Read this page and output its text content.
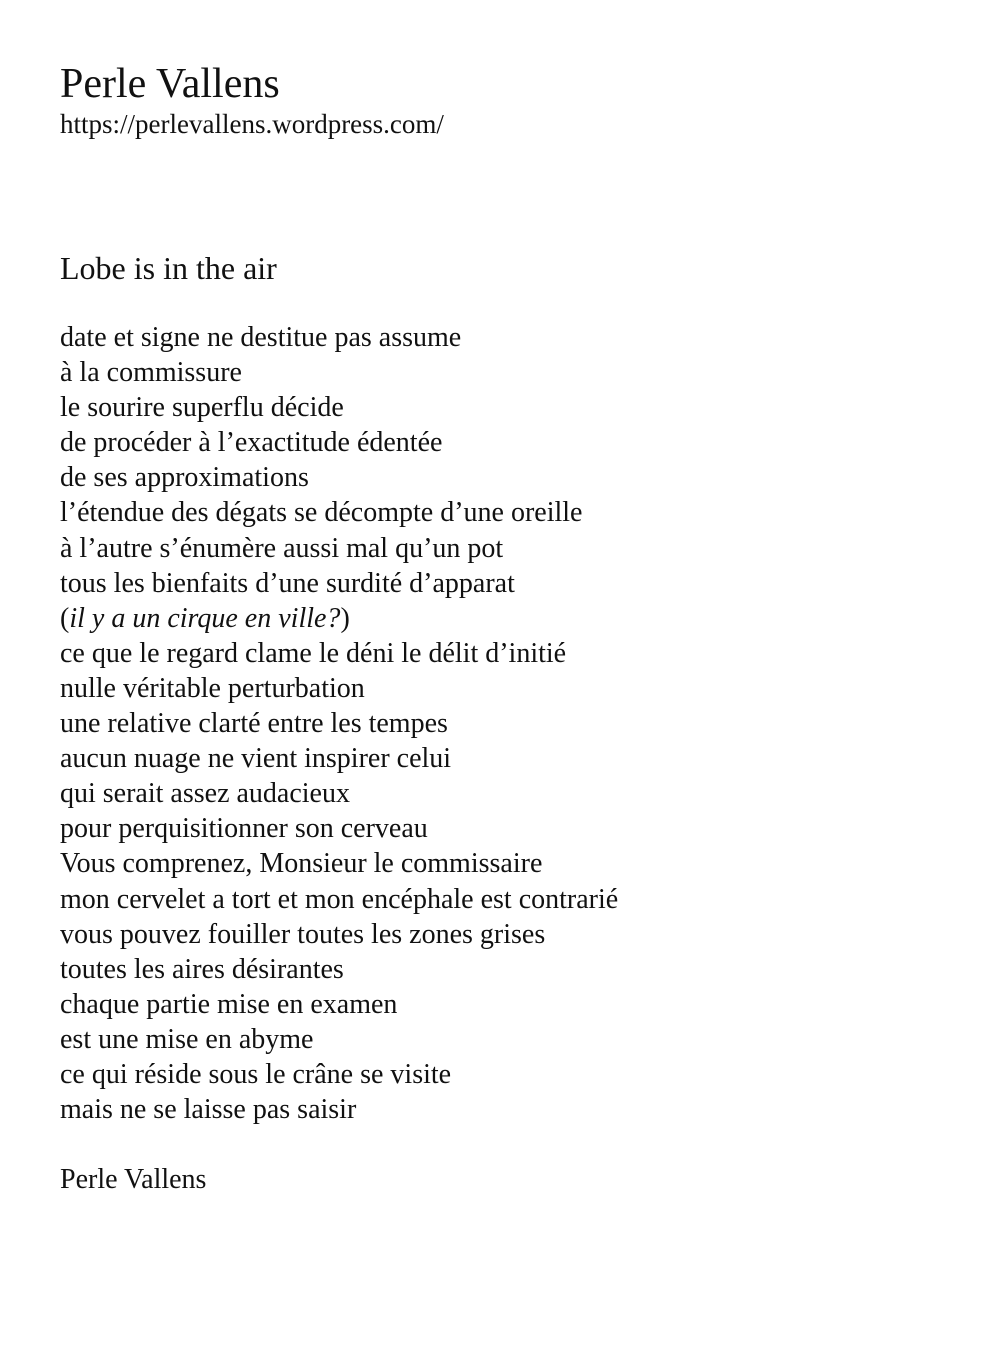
Perle Vallens
https://perlevallens.wordpress.com/
Lobe is in the air
date et signe ne destitue pas assume
à la commissure
le sourire superflu décide
de procéder à l’exactitude édentée
de ses approximations
l’étendue des dégats se décompte d’une oreille
à l’autre s’énumère aussi mal qu’un pot
tous les bienfaits d’une surdité d’apparat
(il y a un cirque en ville?)
ce que le regard clame le déni le délit d’initié
nulle véritable perturbation
une relative clarté entre les tempes
aucun nuage ne vient inspirer celui
qui serait assez audacieux
pour perquisitionner son cerveau
Vous comprenez, Monsieur le commissaire
mon cervelet a tort et mon encéphale est contrarié
vous pouvez fouiller toutes les zones grises
toutes les aires désirantes
chaque partie mise en examen
est une mise en abyme
ce qui réside sous le crâne se visite
mais ne se laisse pas saisir
Perle Vallens
